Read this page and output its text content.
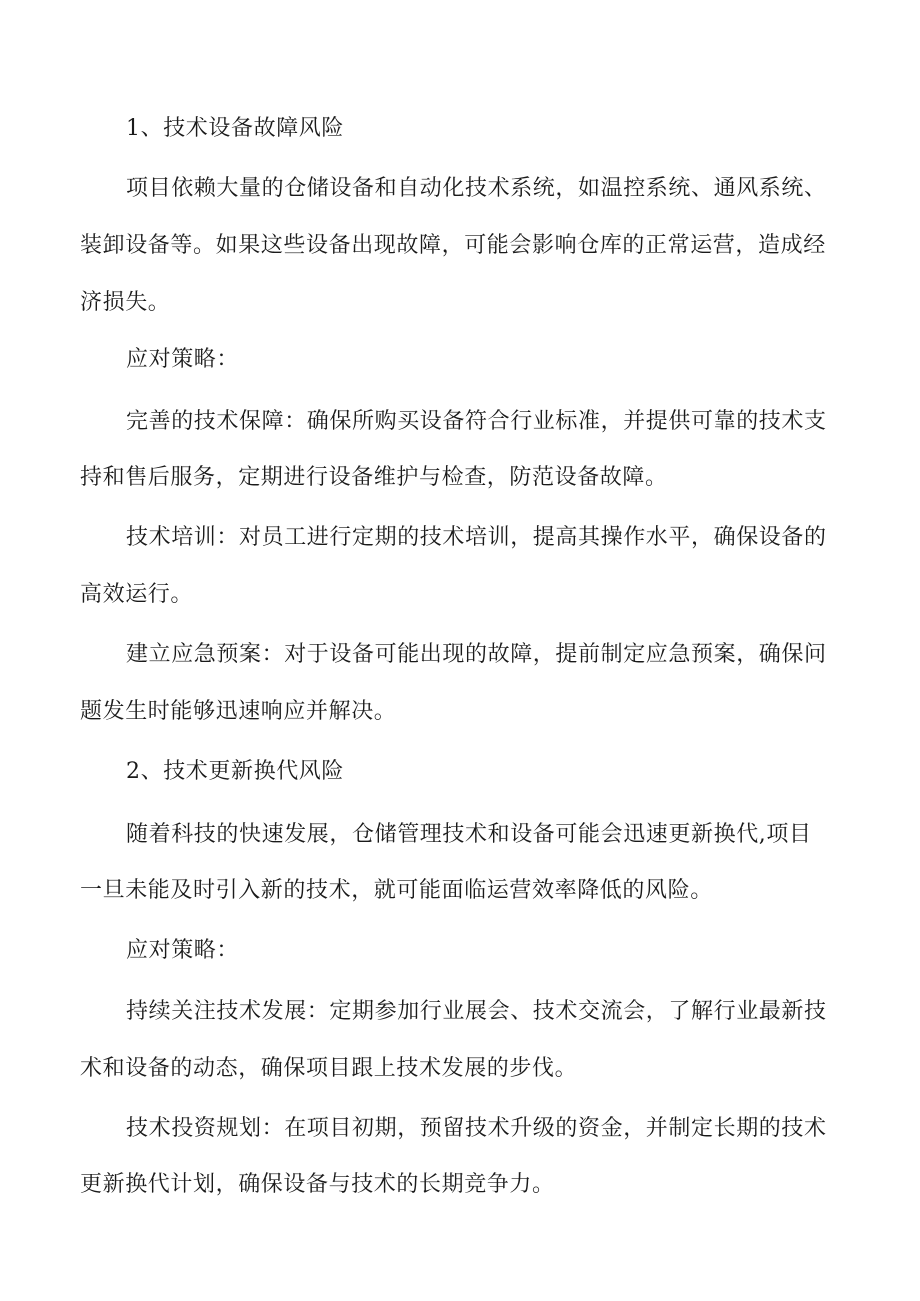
1、技术设备故障风险
项目依赖大量的仓储设备和自动化技术系统，如温控系统、通风系统、
装卸设备等。如果这些设备出现故障，可能会影响仓库的正常运营，造成经
济损失。
应对策略：
完善的技术保障：确保所购买设备符合行业标准，并提供可靠的技术支
持和售后服务，定期进行设备维护与检查，防范设备故障。
技术培训：对员工进行定期的技术培训，提高其操作水平，确保设备的
高效运行。
建立应急预案：对于设备可能出现的故障，提前制定应急预案，确保问
题发生时能够迅速响应并解决。
2、技术更新换代风险
随着科技的快速发展，仓储管理技术和设备可能会迅速更新换代,项目
一旦未能及时引入新的技术，就可能面临运营效率降低的风险。
应对策略：
持续关注技术发展：定期参加行业展会、技术交流会，了解行业最新技
术和设备的动态，确保项目跟上技术发展的步伐。
技术投资规划：在项目初期，预留技术升级的资金，并制定长期的技术
更新换代计划，确保设备与技术的长期竞争力。
